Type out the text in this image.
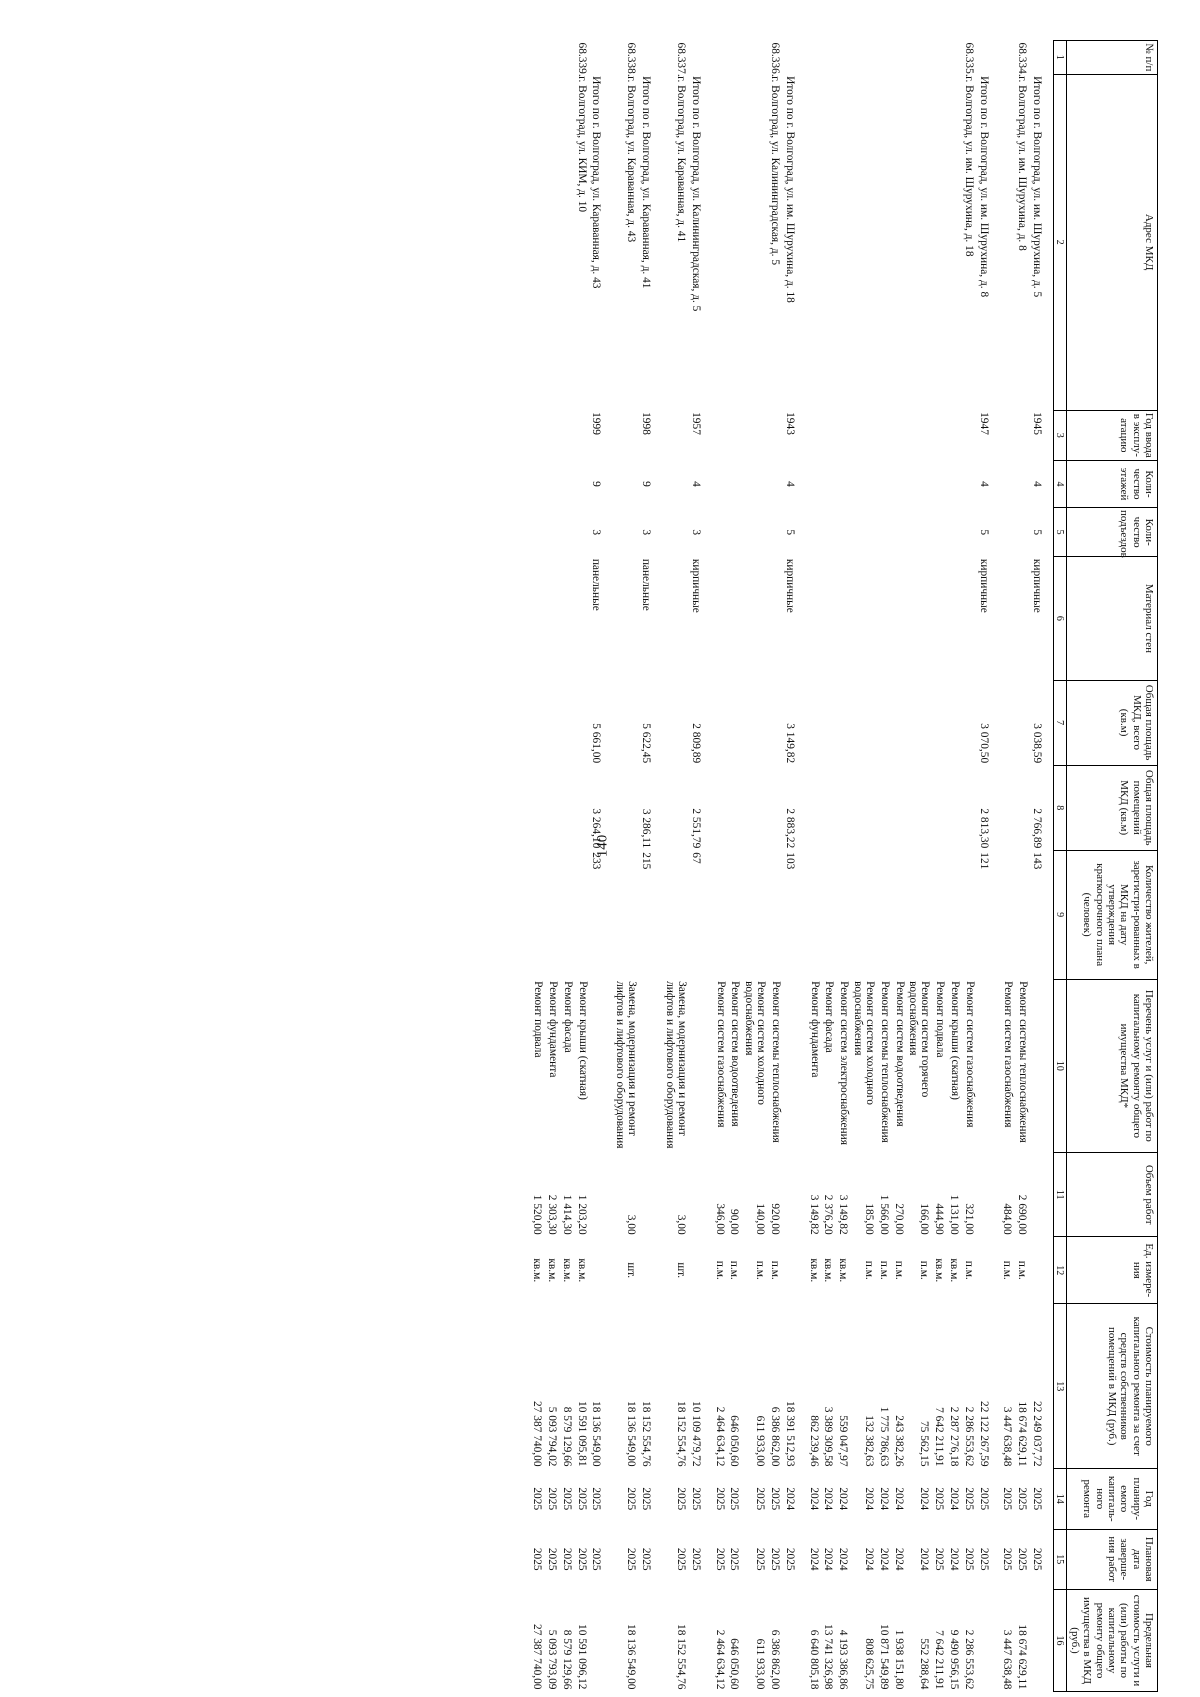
140
№ п/п	Адрес МКД	Год ввода в эксплу-атацию	Коли-чество этажей	Коли-чество подъездов	Материал стен	Общая площадь МКД, всего (кв.м)	Общая площадь помещений МКД (кв.м)	Количество жителей, зарегистри-рованных в МКД на дату утверждения краткосрочного плана (человек)	Перечень услуг и (или) работ по капитальному ремонту общего имущества МКД*	Объем работ	Ед. измере-ния	Стоимость планируемого капитального ремонта за счет средств собственников помещений в МКД (руб.)	Год планиру-емого капиталь-ного ремонта	Плановая дата заверше-ния работ	Предельная стоимость услуги и (или) работы по капитальному ремонту общего имущества в МКД (руб.)
1	2	3	4	5	6	7	8	9	10	11	12	13	14	15	16
	Итого по г. Волгоград, ул. им. Шурухина, д. 5	1945	4	5	кирпичные	3 038,59	2 766,89	143				22 249 037,72	2025	2025	
68.334.	г. Волгоград, ул. им. Шурухина, д. 8								Ремонт системы теплоснабжения	2 690,00	п.м.	18 674 629,11	2025	2025	18 674 629,11
									Ремонт систем газоснабжения	484,00	п.м.	3 447 638,48	2025	2025	3 447 638,48
	Итого по г. Волгоград, ул. им. Шурухина, д. 8	1947	4	5	кирпичные	3 070,50	2 813,30	121				22 122 267,59	2025	2025	
68.335.	г. Волгоград, ул. им. Шурухина, д. 18								Ремонт систем газоснабжения	321,00	п.м.	2 286 553,62	2025	2025	2 286 553,62
									Ремонт крыши (скатная)	1 131,00	кв.м.	2 287 276,18	2024	2024	9 490 956,15
									Ремонт подвала	444,90	кв.м.	7 642 211,91	2025	2025	7 642 211,91
									Ремонт систем горячего водоснабжения	166,00	п.м.	75 562,15	2024	2024	552 288,64
									Ремонт систем водоотведения	270,00	п.м.	243 382,26	2024	2024	1 938 151,80
									Ремонт системы теплоснабжения	1 566,00	п.м.	1 775 786,63	2024	2024	10 871 549,89
									Ремонт систем холодного водоснабжения	185,00	п.м.	132 382,63	2024	2024	808 625,75
									Ремонт систем электроснабжения	3 149,82	кв.м.	559 047,97	2024	2024	4 193 386,86
									Ремонт фасада	2 376,20	кв.м.	3 389 309,58	2024	2024	13 741 326,98
									Ремонт фундамента	3 149,82	кв.м.	862 239,46	2024	2024	6 640 805,18
	Итого по г. Волгоград, ул. им. Шурухина, д. 18	1943	4	5	кирпичные	3 149,82	2 883,22	103				18 391 512,93	2024	2025	
68.336.	г. Волгоград, ул. Калининградская, д. 5								Ремонт системы теплоснабжения	920,00	п.м.	6 386 862,00	2025	2025	6 386 862,00
									Ремонт систем холодного водоснабжения	140,00	п.м.	611 933,00	2025	2025	611 933,00
									Ремонт систем водоотведения	90,00	п.м.	646 050,60	2025	2025	646 050,60
									Ремонт систем газоснабжения	346,00	п.м.	2 464 634,12	2025	2025	2 464 634,12
	Итого по г. Волгоград, ул. Калининградская, д. 5	1957	4	3	кирпичные	2 809,89	2 551,79	67				10 109 479,72	2025	2025	
68.337.	г. Волгоград, ул. Караванная, д. 41								Замена, модернизация и ремонт лифтов и лифтового оборудования	3,00	шт.	18 152 554,76	2025	2025	18 152 554,76
	Итого по г. Волгоград, ул. Караванная, д. 41	1998	9	3	панельные	5 622,45	3 286,11	215				18 152 554,76	2025	2025	
68.338.	г. Волгоград, ул. Караванная, д. 43								Замена, модернизация и ремонт лифтов и лифтового оборудования	3,00	шт.	18 136 549,00	2025	2025	18 136 549,00
	Итого по г. Волгоград, ул. Караванная, д. 43	1999	9	3	панельные	5 661,00	3 264,10	233				18 136 549,00	2025	2025	
68.339.	г. Волгоград, ул. КИМ, д. 10								Ремонт крыши (скатная)	1 203,20	кв.м.	10 591 095,81	2025	2025	10 591 096,12
									Ремонт фасада	1 414,30	кв.м.	8 579 129,66	2025	2025	8 579 129,66
									Ремонт фундамента	2 303,30	кв.м.	5 093 794,02	2025	2025	5 093 793,09
									Ремонт подвала	1 520,00	кв.м.	27 387 740,00	2025	2025	27 387 740,00
